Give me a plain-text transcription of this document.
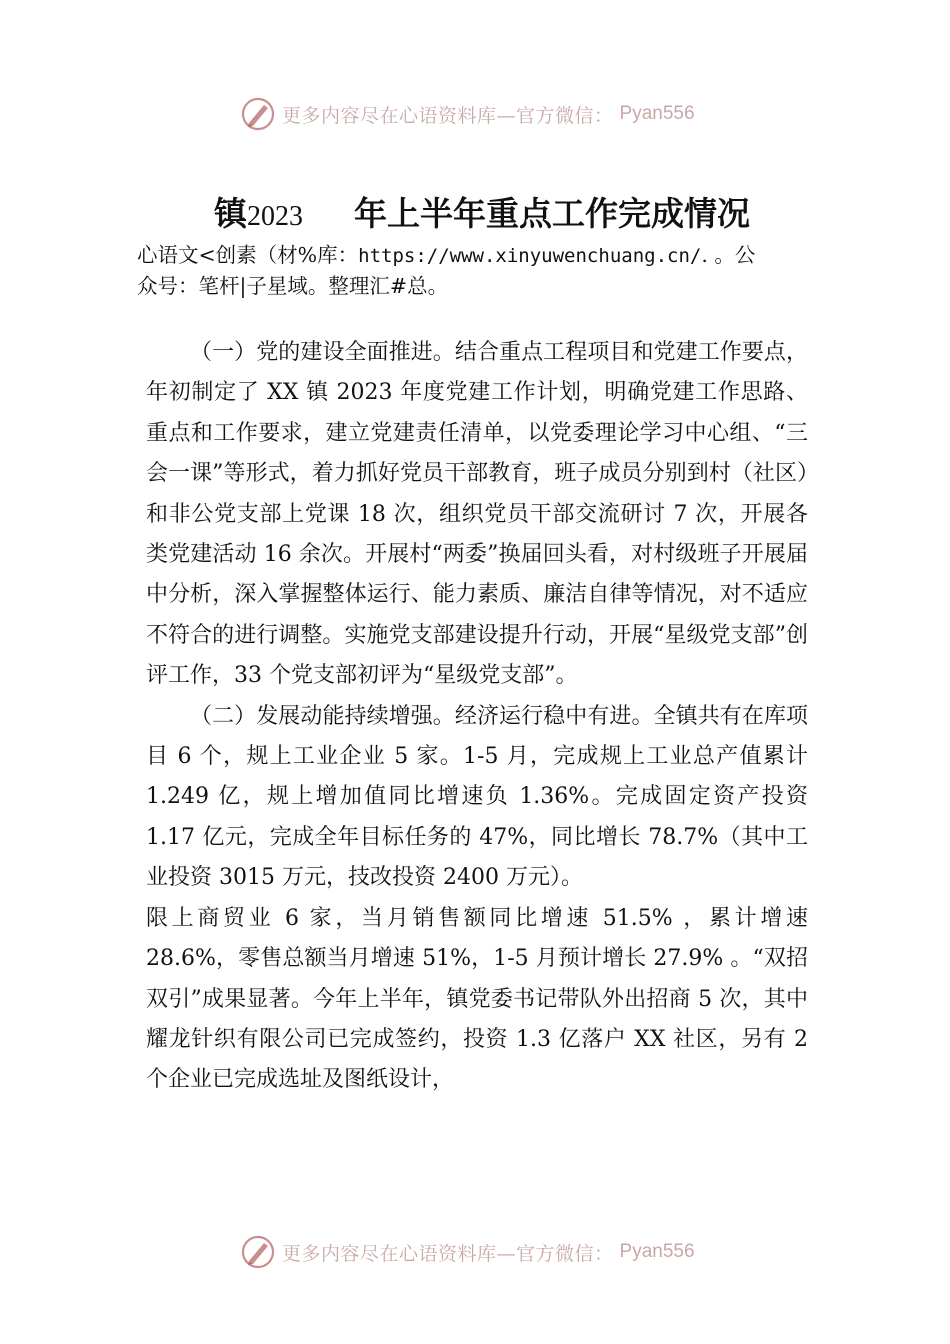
更多内容尽在心语资料库—官方微信： Pyan556
镇2023 年上半年重点工作完成情况
心语文<创素（材%库：https://www.xinyuwenchuang.cn/. 。公
众号：笔杆|子星域。整理汇#总。

（一）党的建设全面推进。结合重点工程项目和党建工作要点，年初制定了 XX 镇 2023 年度党建工作计划，明确党建工作思路、重点和工作要求，建立党建责任清单，以党委理论学习中心组、“三会一课”等形式，着力抓好党员干部教育，班子成员分别到村（社区）和非公党支部上党课 18 次，组织党员干部交流研讨 7 次，开展各类党建活动 16 余次。开展村“两委”换届回头看，对村级班子开展届中分析，深入掌握整体运行、能力素质、廉洁自律等情况，对不适应不符合的进行调整。实施党支部建设提升行动，开展“星级党支部”创评工作，33 个党支部初评为“星级党支部”。

（二）发展动能持续增强。经济运行稳中有进。全镇共有在库项目 6 个，规上工业企业 5 家。1-5 月，完成规上工业总产值累计 1.249 亿，规上增加值同比增速负 1.36%。完成固定资产投资 1.17 亿元，完成全年目标任务的 47%，同比增长 78.7%（其中工业投资 3015 万元，技改投资 2400 万元）。

限上商贸业 6 家，当月销售额同比增速 51.5% ，累计增速 28.6%，零售总额当月增速 51%，1-5 月预计增长 27.9% 。“双招双引”成果显著。今年上半年，镇党委书记带队外出招商 5 次，其中耀龙针织有限公司已完成签约，投资 1.3 亿落户 XX 社区，另有 2 个企业已完成选址及图纸设计，

更多内容尽在心语资料库—官方微信： Pyan556
